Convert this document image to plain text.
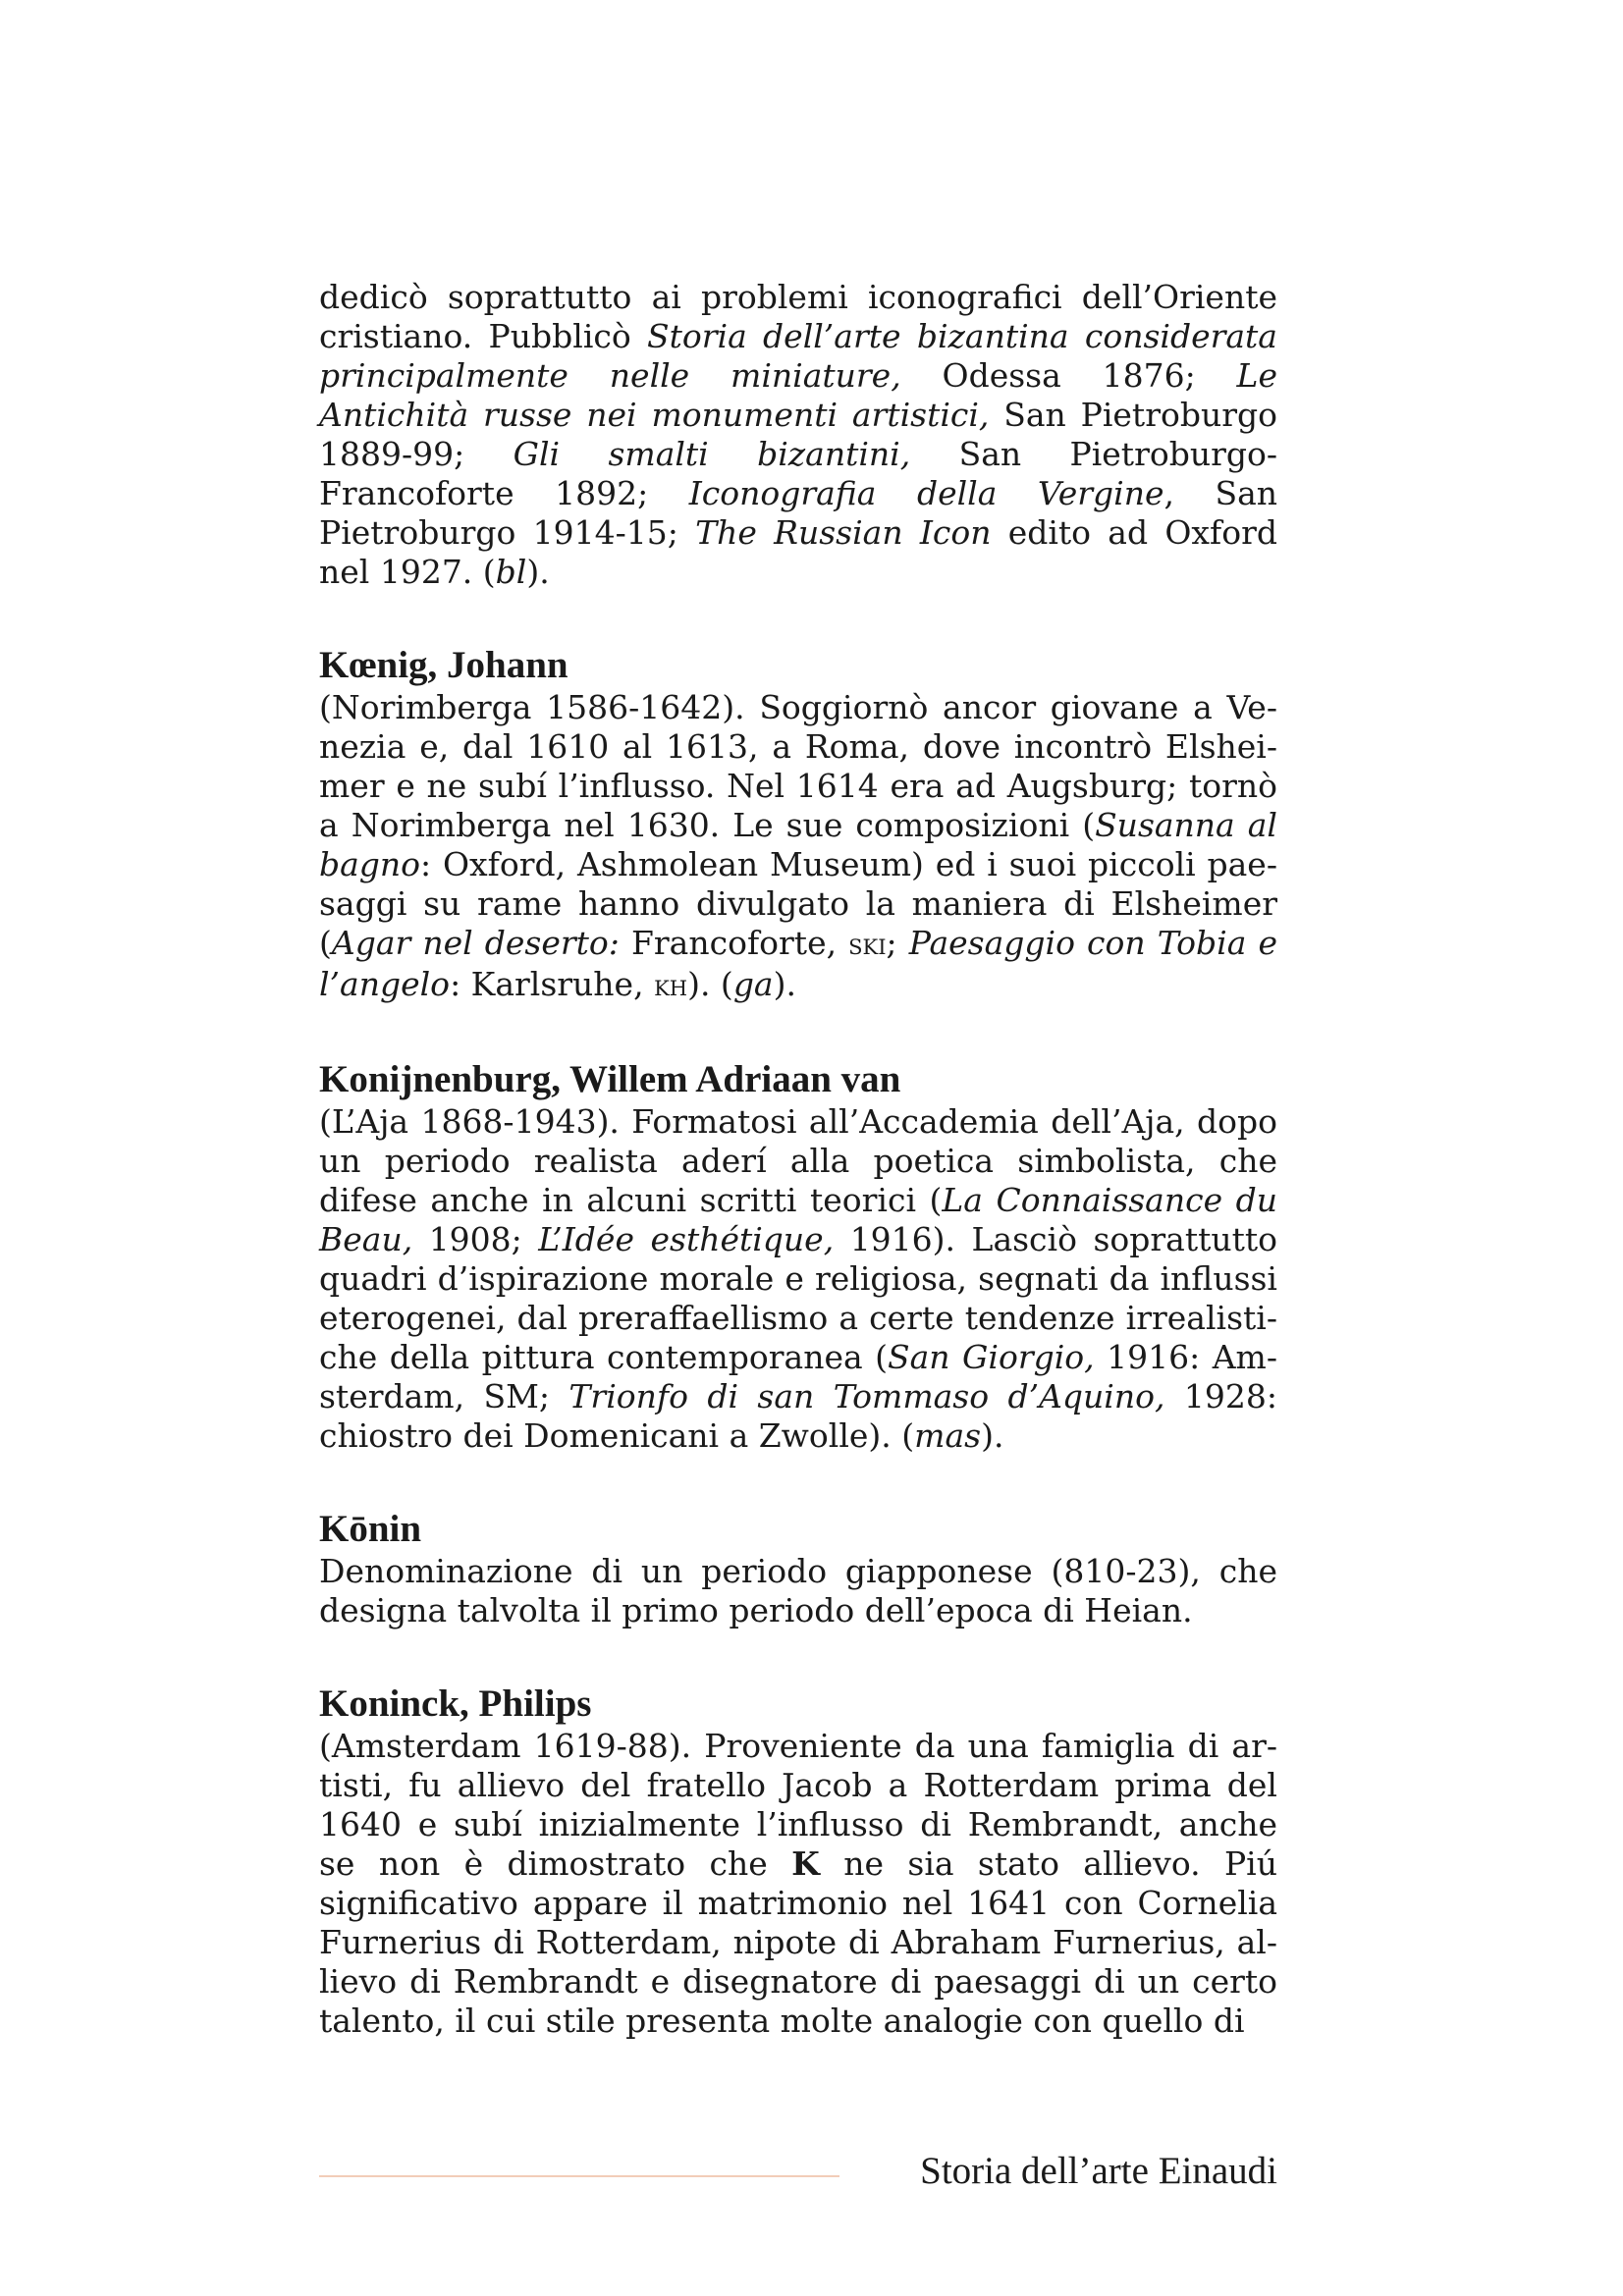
dedicò soprattutto ai problemi iconografici dell’Oriente cristiano. Pubblicò Storia dell’arte bizantina considerata principalmente nelle miniature, Odessa 1876; Le Antichità russe nei monumenti artistici, San Pietroburgo 1889-99; Gli smalti bizantini, San Pietroburgo-Francoforte 1892; Iconografia della Vergine, San Pietroburgo 1914-15; The Russian Icon edito ad Oxford nel 1927. (bl).

Kœnig, Johann

(Norimberga 1586-1642). Soggiornò ancor giovane a Venezia e, dal 1610 al 1613, a Roma, dove incontrò Elsheimer e ne subí l’influsso. Nel 1614 era ad Augsburg; tornò a Norimberga nel 1630. Le sue composizioni (Susanna al bagno: Oxford, Ashmolean Museum) ed i suoi piccoli paesaggi su rame hanno divulgato la maniera di Elsheimer (Agar nel deserto: Francoforte, ski; Paesaggio con Tobia e l’angelo: Karlsruhe, kh). (ga).

Konijnenburg, Willem Adriaan van

(L’Aja 1868-1943). Formatosi all’Accademia dell’Aja, dopo un periodo realista aderí alla poetica simbolista, che difese anche in alcuni scritti teorici (La Connaissance du Beau, 1908; L’Idée esthétique, 1916). Lasciò soprattutto quadri d’ispirazione morale e religiosa, segnati da influssi eterogenei, dal preraffaellismo a certe tendenze irrealistiche della pittura contemporanea (San Giorgio, 1916: Amsterdam, SM; Trionfo di san Tommaso d’Aquino, 1928: chiostro dei Domenicani a Zwolle). (mas).

Kōnin

Denominazione di un periodo giapponese (810-23), che designa talvolta il primo periodo dell’epoca di Heian.

Koninck, Philips

(Amsterdam 1619-88). Proveniente da una famiglia di artisti, fu allievo del fratello Jacob a Rotterdam prima del 1640 e subí inizialmente l’influsso di Rembrandt, anche se non è dimostrato che K ne sia stato allievo. Piú significativo appare il matrimonio nel 1641 con Cornelia Furnerius di Rotterdam, nipote di Abraham Furnerius, allievo di Rembrandt e disegnatore di paesaggi di un certo talento, il cui stile presenta molte analogie con quello di

Storia dell’arte Einaudi
